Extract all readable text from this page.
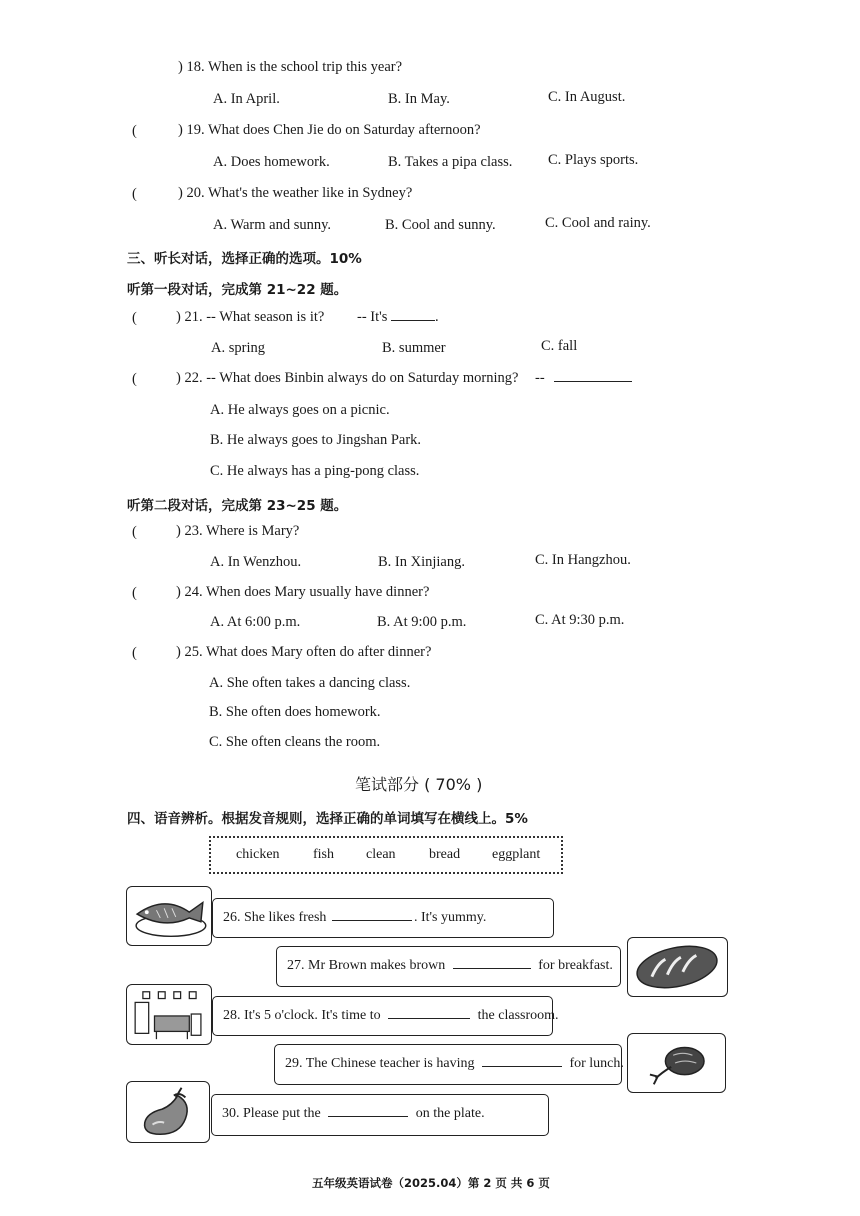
) 18. When is the school trip this year?
A. In April.	B. In May.	C. In August.
(	) 19. What does Chen Jie do on Saturday afternoon?
A. Does homework.	B. Takes a pipa class. C. Plays sports.
(	) 20. What's the weather like in Sydney?
A. Warm and sunny.	B. Cool and sunny.	C. Cool and rainy.
三、听长对话，选择正确的选项。10%
听第一段对话，完成第 21~22 题。
(	) 21. -- What season is it? -- It's	.
A. spring	B. summer	C. fall
(	) 22. -- What does Binbin always do on Saturday morning? --
A. He always goes on a picnic.
B. He always goes to Jingshan Park.
C. He always has a ping-pong class.
听第二段对话，完成第 23~25 题。
(	) 23. Where is Mary?
A. In Wenzhou.	B. In Xinjiang.	C. In Hangzhou.
(	) 24. When does Mary usually have dinner?
A. At 6:00 p.m.	B. At 9:00 p.m.	C. At 9:30 p.m.
(	) 25. What does Mary often do after dinner?
A. She often takes a dancing class.
B. She often does homework.
C. She often cleans the room.
笔试部分 ( 70% )
四、语音辨析。根据发音规则，选择正确的单词填写在横线上。5%
chicken fish clean bread eggplant
26. She likes fresh	. It's yummy.
27. Mr Brown makes brown	for breakfast.
28. It's 5 o'clock. It's time to	the classroom.
29. The Chinese teacher is having	for lunch.
30. Please put the	on the plate.
五年级英语试卷（2025.04）第 2 页 共 6 页
